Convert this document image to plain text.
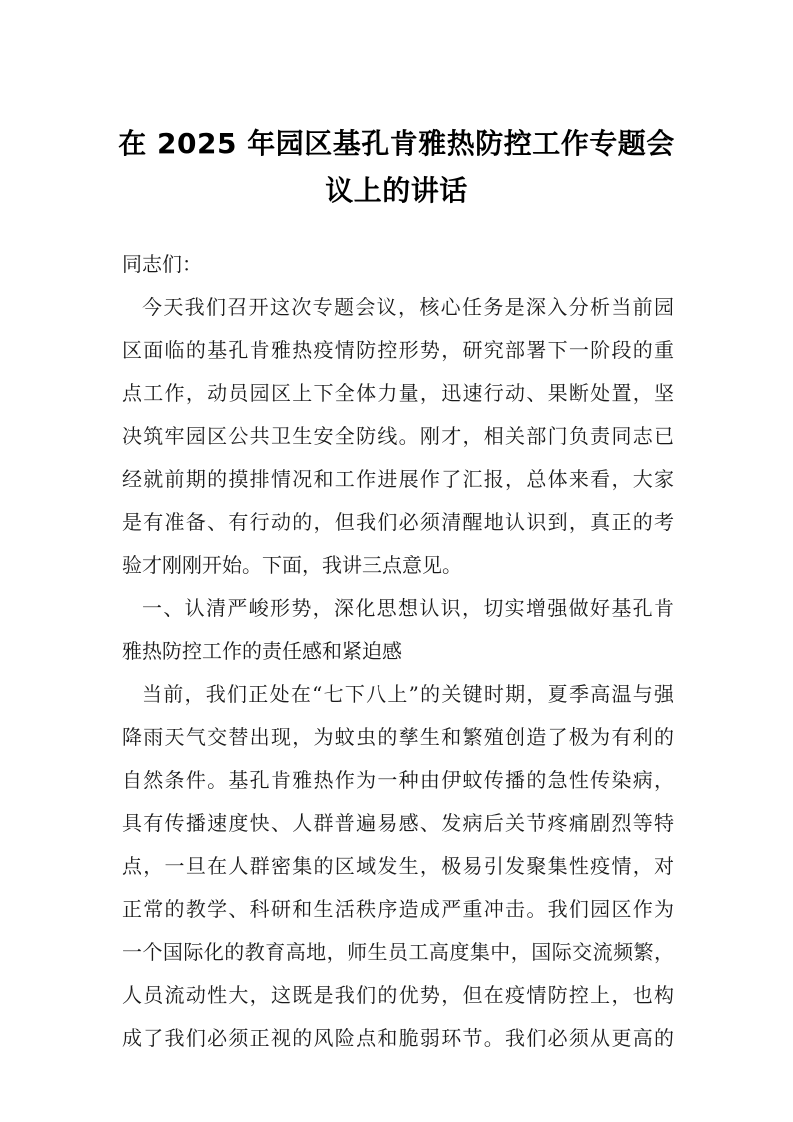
在 2025 年园区基孔肯雅热防控工作专题会
议上的讲话
同志们：
今天我们召开这次专题会议，核心任务是深入分析当前园
区面临的基孔肯雅热疫情防控形势，研究部署下一阶段的重
点工作，动员园区上下全体力量，迅速行动、果断处置，坚
决筑牢园区公共卫生安全防线。刚才，相关部门负责同志已
经就前期的摸排情况和工作进展作了汇报，总体来看，大家
是有准备、有行动的，但我们必须清醒地认识到，真正的考
验才刚刚开始。下面，我讲三点意见。
一、认清严峻形势，深化思想认识，切实增强做好基孔肯
雅热防控工作的责任感和紧迫感
当前，我们正处在“七下八上”的关键时期，夏季高温与强
降雨天气交替出现，为蚊虫的孳生和繁殖创造了极为有利的
自然条件。基孔肯雅热作为一种由伊蚊传播的急性传染病，
具有传播速度快、人群普遍易感、发病后关节疼痛剧烈等特
点，一旦在人群密集的区域发生，极易引发聚集性疫情，对
正常的教学、科研和生活秩序造成严重冲击。我们园区作为
一个国际化的教育高地，师生员工高度集中，国际交流频繁，
人员流动性大，这既是我们的优势，但在疫情防控上，也构
成了我们必须正视的风险点和脆弱环节。我们必须从更高的
